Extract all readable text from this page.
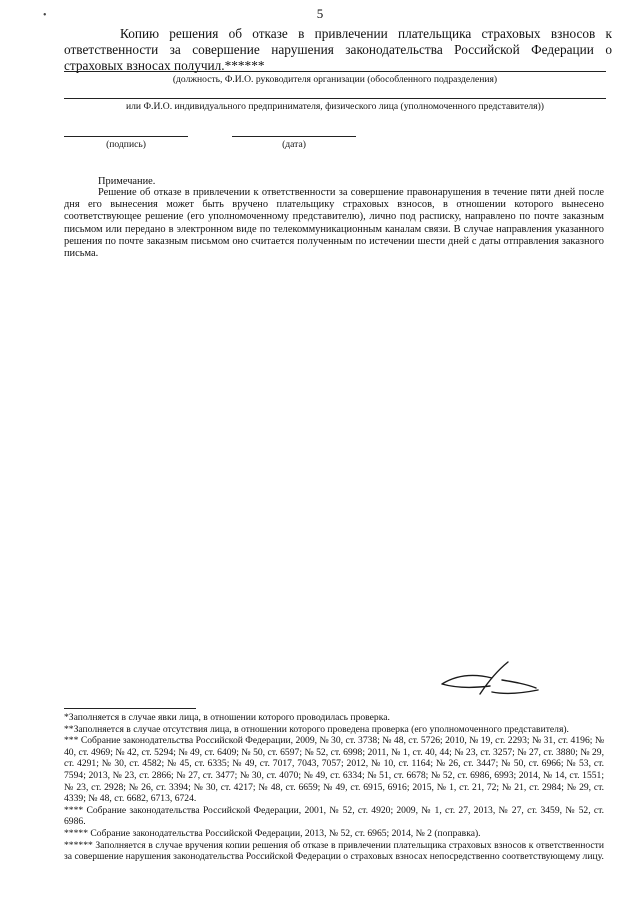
5
•
Копию решения об отказе в привлечении плательщика страховых взносов к ответственности за совершение нарушения законодательства Российской Федерации о страховых взносах получил.******
(должность, Ф.И.О. руководителя организации (обособленного подразделения)
или Ф.И.О. индивидуального предпринимателя, физического лица (уполномоченного представителя))
(подпись)	(дата)
Примечание.
Решение об отказе в привлечении к ответственности за совершение правонарушения в течение пяти дней после дня его вынесения может быть вручено плательщику страховых взносов, в отношении которого вынесено соответствующее решение (его уполномоченному представителю), лично под расписку, направлено по почте заказным письмом или передано в электронном виде по телекоммуникационным каналам связи. В случае направления указанного решения по почте заказным письмом оно считается полученным по истечении шести дней с даты отправления заказного письма.

*Заполняется в случае явки лица, в отношении которого проводилась проверка.

**Заполняется в случае отсутствия лица, в отношении которого проведена проверка (его уполномоченного представителя).

*** Собрание законодательства Российской Федерации, 2009, № 30, ст. 3738; № 48, ст. 5726; 2010, № 19, ст. 2293; № 31, ст. 4196; № 40, ст. 4969; № 42, ст. 5294; № 49, ст. 6409; № 50, ст. 6597; № 52, ст. 6998; 2011, № 1, ст. 40, 44; № 23, ст. 3257; № 27, ст. 3880; № 29, ст. 4291; № 30, ст. 4582; № 45, ст. 6335; № 49, ст. 7017, 7043, 7057; 2012, № 10, ст. 1164; № 26, ст. 3447; № 50, ст. 6966; № 53, ст. 7594; 2013, № 23, ст. 2866; № 27, ст. 3477; № 30, ст. 4070; № 49, ст. 6334; № 51, ст. 6678; № 52, ст. 6986, 6993; 2014, № 14, ст. 1551; № 23, ст. 2928; № 26, ст. 3394; № 30, ст. 4217; № 48, ст. 6659; № 49, ст. 6915, 6916; 2015, № 1, ст. 21, 72; № 21, ст. 2984; № 29, ст. 4339; № 48, ст. 6682, 6713, 6724.

**** Собрание законодательства Российской Федерации, 2001, № 52, ст. 4920; 2009, № 1, ст. 27, 2013, № 27, ст. 3459, № 52, ст. 6986.

***** Собрание законодательства Российской Федерации, 2013, № 52, ст. 6965; 2014, № 2 (поправка).

****** Заполняется в случае вручения копии решения об отказе в привлечении плательщика страховых взносов к ответственности за совершение нарушения законодательства Российской Федерации о страховых взносах непосредственно соответствующему лицу.
